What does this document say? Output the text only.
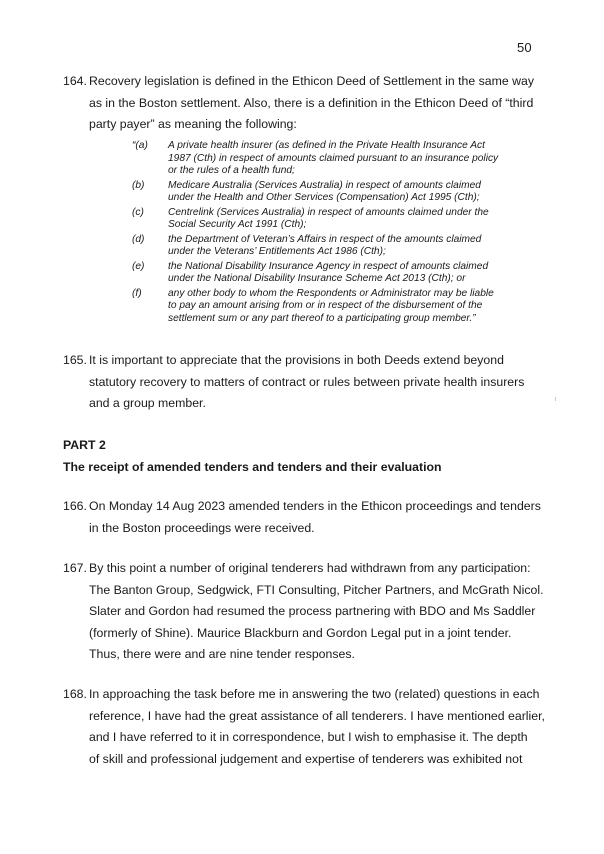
50
164. Recovery legislation is defined in the Ethicon Deed of Settlement in the same way
as in the Boston settlement. Also, there is a definition in the Ethicon Deed of “third
party payer” as meaning the following:
“(a)	A private health insurer (as defined in the Private Health Insurance Act
1987 (Cth) in respect of amounts claimed pursuant to an insurance policy
or the rules of a health fund;
(b)	Medicare Australia (Services Australia) in respect of amounts claimed
under the Health and Other Services (Compensation) Act 1995 (Cth);
(c)	Centrelink (Services Australia) in respect of amounts claimed under the
Social Security Act 1991 (Cth);
(d)	the Department of Veteran’s Affairs in respect of the amounts claimed
under the Veterans’ Entitlements Act 1986 (Cth);
(e)	the National Disability Insurance Agency in respect of amounts claimed
under the National Disability Insurance Scheme Act 2013 (Cth); or
(f)	any other body to whom the Respondents or Administrator may be liable
to pay an amount arising from or in respect of the disbursement of the
settlement sum or any part thereof to a participating group member.”
165. It is important to appreciate that the provisions in both Deeds extend beyond
statutory recovery to matters of contract or rules between private health insurers
and a group member.
PART 2
The receipt of amended tenders and tenders and their evaluation
166. On Monday 14 Aug 2023 amended tenders in the Ethicon proceedings and tenders
in the Boston proceedings were received.
167. By this point a number of original tenderers had withdrawn from any participation:
The Banton Group, Sedgwick, FTI Consulting, Pitcher Partners, and McGrath Nicol.
Slater and Gordon had resumed the process partnering with BDO and Ms Saddler
(formerly of Shine). Maurice Blackburn and Gordon Legal put in a joint tender.
Thus, there were and are nine tender responses.
168. In approaching the task before me in answering the two (related) questions in each
reference, I have had the great assistance of all tenderers. I have mentioned earlier,
and I have referred to it in correspondence, but I wish to emphasise it. The depth
of skill and professional judgement and expertise of tenderers was exhibited not
